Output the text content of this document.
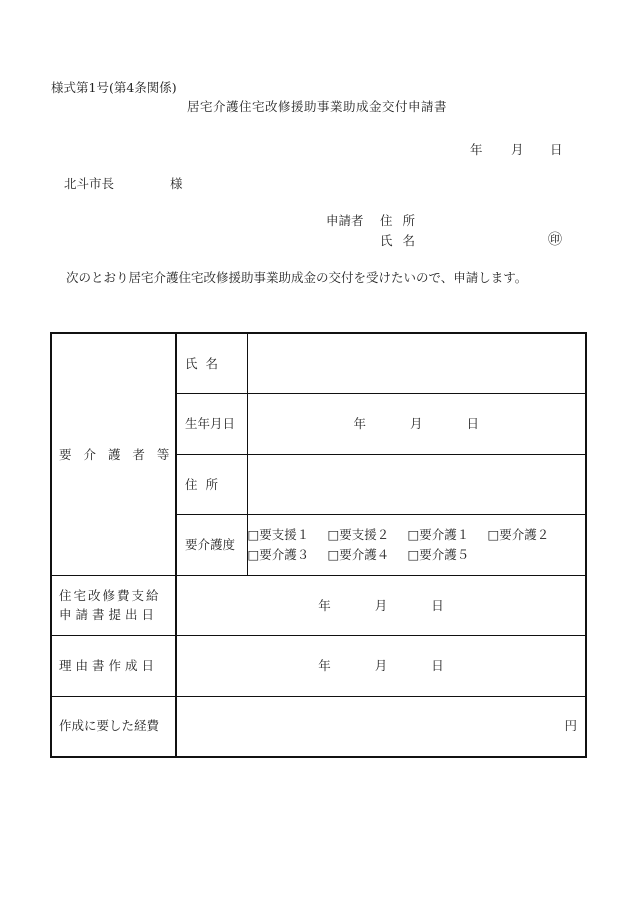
様式第1号(第4条関係)
居宅介護住宅改修援助事業助成金交付申請書
年 月 日
北斗市長	様
申請者 住 所
氏 名	㊞
次のとおり居宅介護住宅改修援助事業助成金の交付を受けたいので、申請します。
要 介 護 者 等	氏  名	
	生年月日	年 月 日
	住  所	
	要介護度	□要支援１ □要支援２ □要介護１ □要介護２
□要介護３ □要介護４ □要介護５

住宅改修費支給
申請書提出日	年 月 日	
理由書作成日	年 月 日	
作成に要した経費	円	
